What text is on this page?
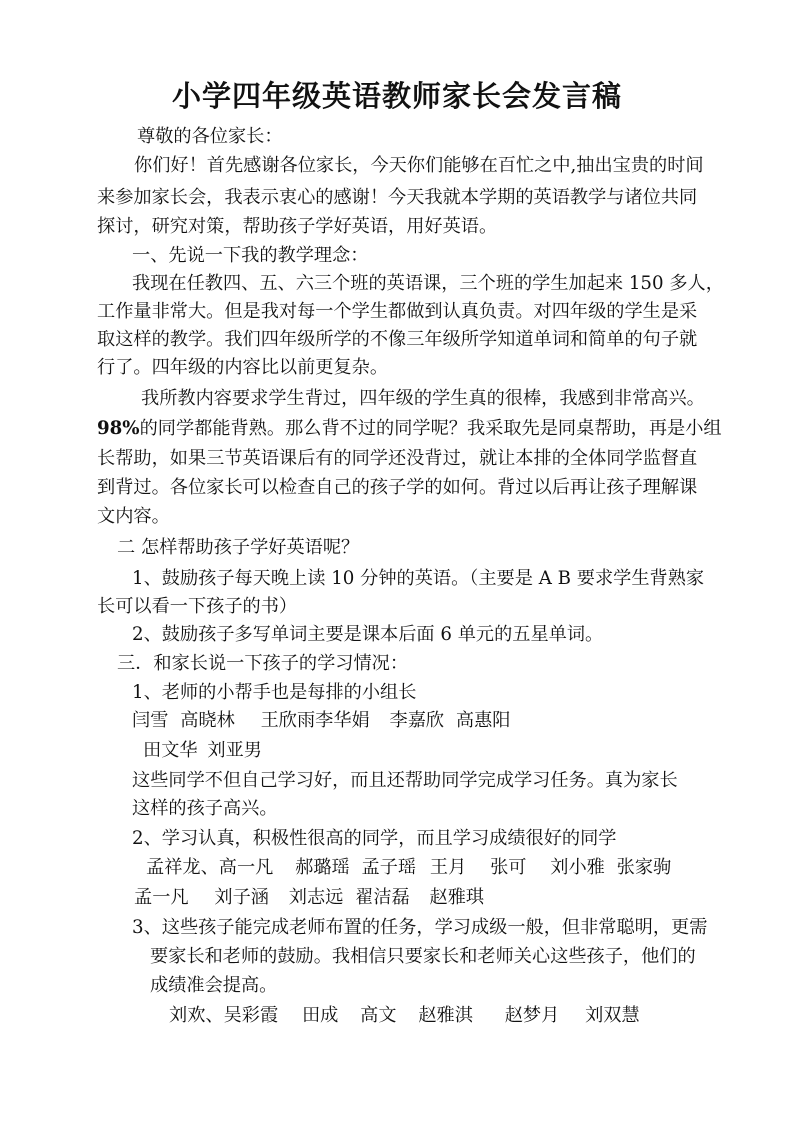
小学四年级英语教师家长会发言稿
尊敬的各位家长：
你们好！首先感谢各位家长，今天你们能够在百忙之中,抽出宝贵的时间
来参加家长会，我表示衷心的感谢！今天我就本学期的英语教学与诸位共同
探讨，研究对策，帮助孩子学好英语，用好英语。
一、先说一下我的教学理念：
我现在任教四、五、六三个班的英语课，三个班的学生加起来 150 多人，
工作量非常大。但是我对每一个学生都做到认真负责。对四年级的学生是采
取这样的教学。我们四年级所学的不像三年级所学知道单词和简单的句子就
行了。四年级的内容比以前更复杂。
我所教内容要求学生背过，四年级的学生真的很棒，我感到非常高兴。
98%的同学都能背熟。那么背不过的同学呢？我采取先是同桌帮助，再是小组
长帮助，如果三节英语课后有的同学还没背过，就让本排的全体同学监督直
到背过。各位家长可以检查自己的孩子学的如何。背过以后再让孩子理解课
文内容。
二 怎样帮助孩子学好英语呢？
1、鼓励孩子每天晚上读 10 分钟的英语。（主要是 A B 要求学生背熟家
长可以看一下孩子的书）
2、鼓励孩子多写单词主要是课本后面 6 单元的五星单词。
三．和家长说一下孩子的学习情况：
1、老师的小帮手也是每排的小组长
闫雪 高晓林 王欣雨李华娟 李嘉欣 高惠阳
田文华 刘亚男
这些同学不但自己学习好，而且还帮助同学完成学习任务。真为家长
这样的孩子高兴。
2、学习认真，积极性很高的同学，而且学习成绩很好的同学
孟祥龙、高一凡 郝璐瑶 孟子瑶 王月 张可 刘小雅 张家驹
孟一凡 刘子涵 刘志远 翟洁磊 赵雅琪
3、这些孩子能完成老师布置的任务，学习成级一般，但非常聪明，更需
要家长和老师的鼓励。我相信只要家长和老师关心这些孩子，他们的
成绩准会提高。
刘欢、吴彩霞 田成 高文 赵雅淇 赵梦月 刘双慧
